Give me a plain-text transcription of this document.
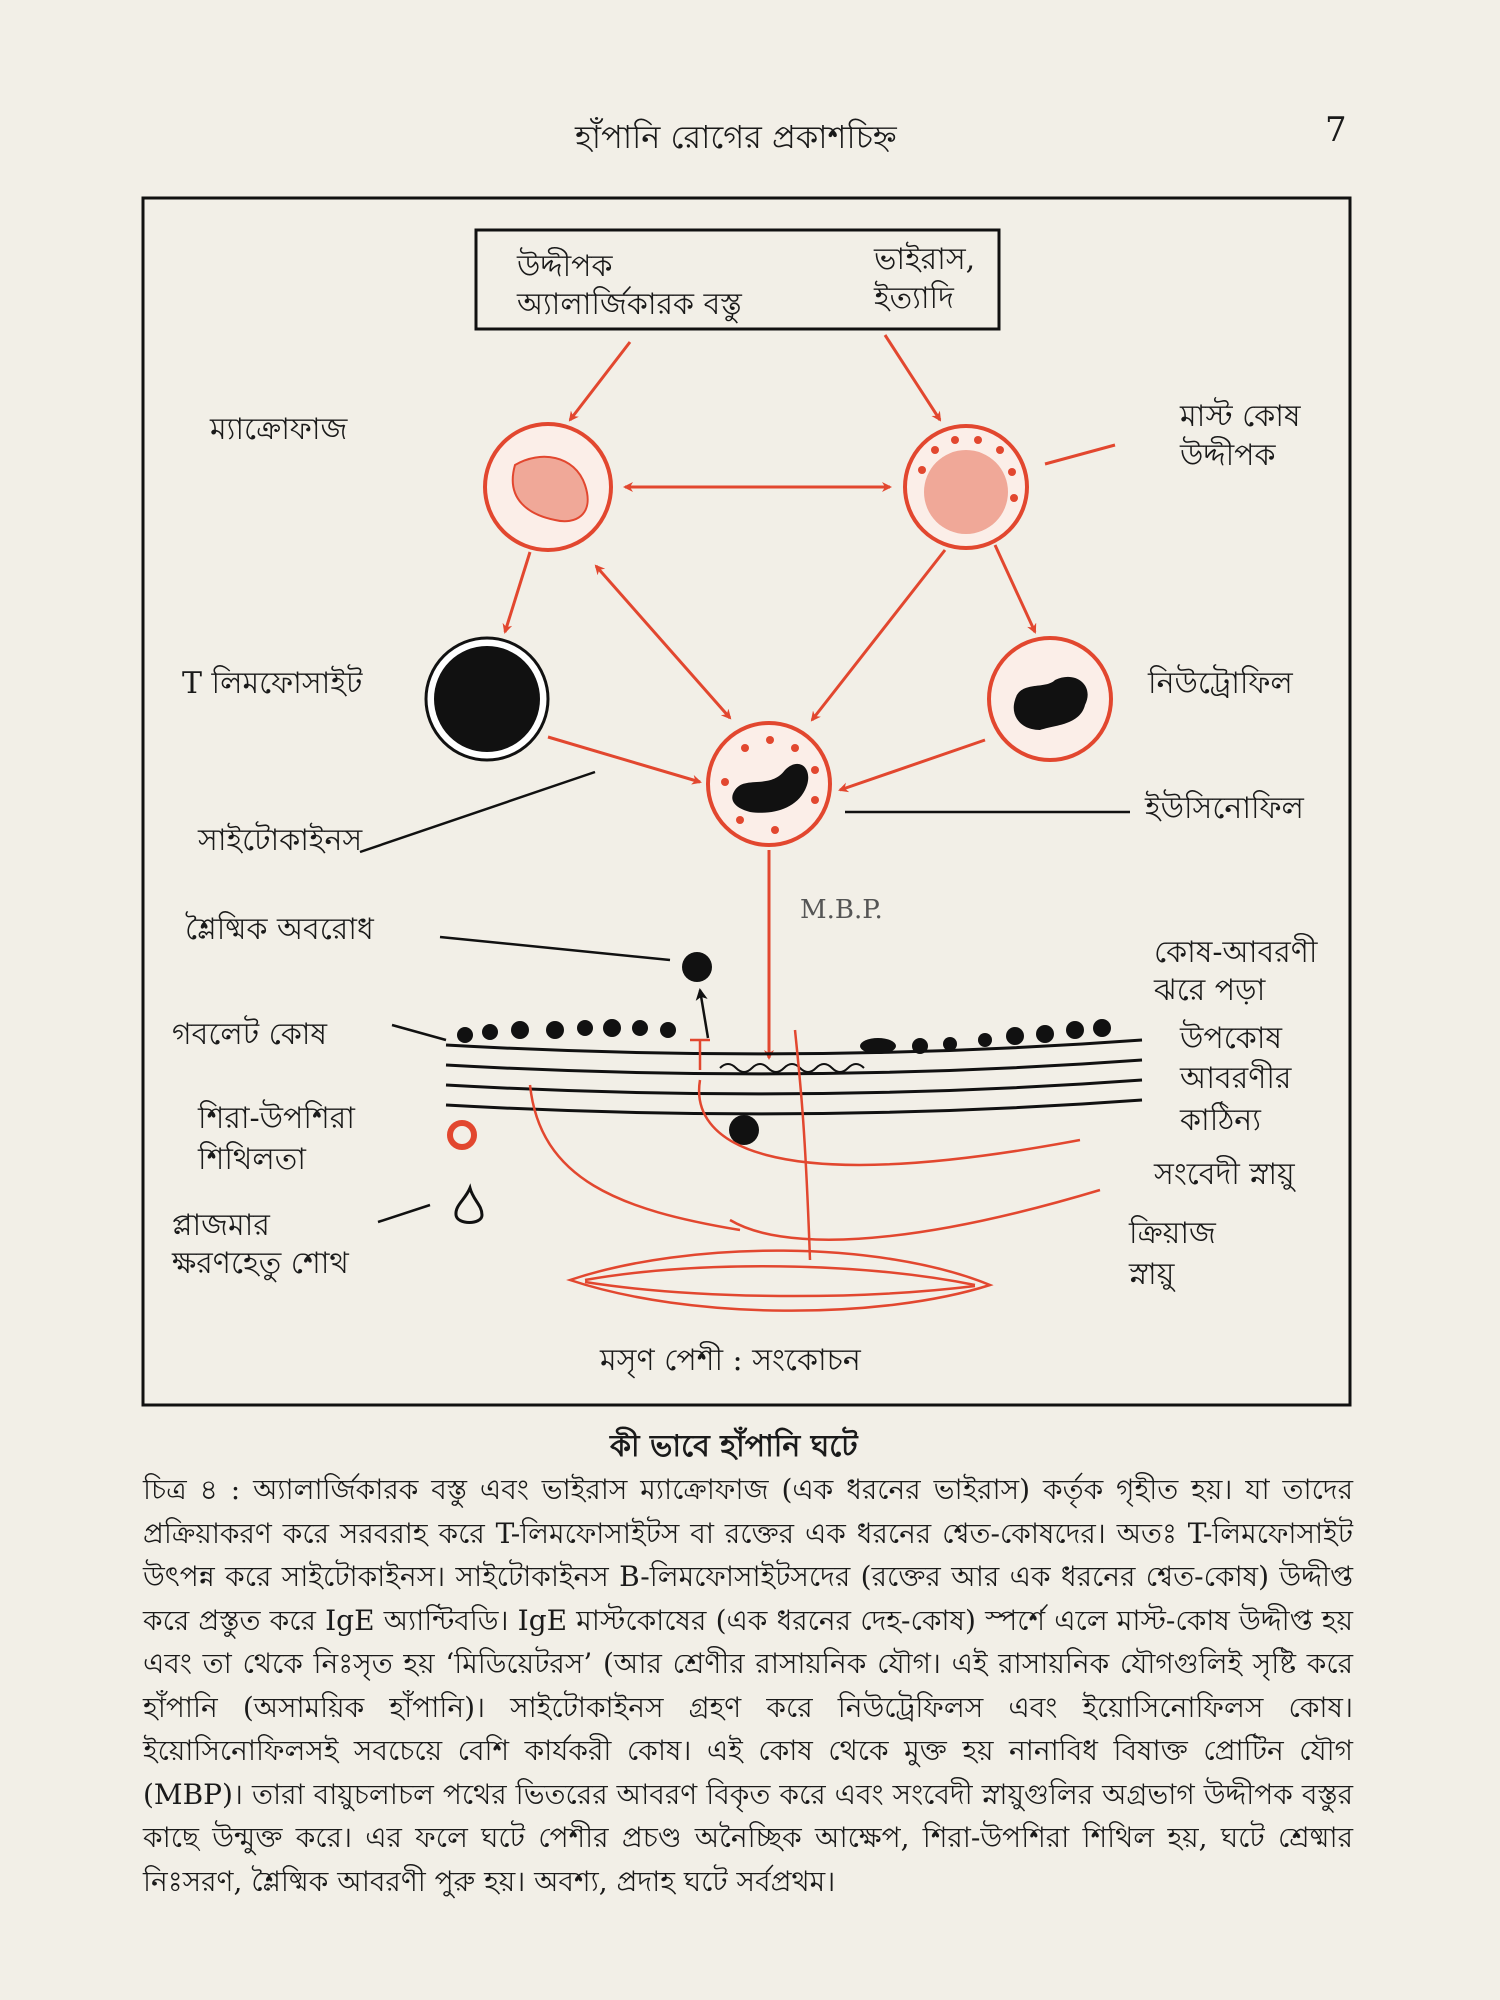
হাঁপানি রোগের প্রকাশচিহ্ন	7
উদ্দীপক
অ্যালার্জিকারক বস্তু
ভাইরাস,
ইত্যাদি
ম্যাক্রোফাজ	মাস্ট কোষ
উদ্দীপক
T লিমফোসাইট	নিউট্রোফিল
সাইটোকাইনস
ইউসিনোফিল
M.B.P.
শ্লৈষ্মিক অবরোধ
কোষ-আবরণী
ঝরে পড়া
গবলেট কোষ	উপকোষ
আবরণীর
কাঠিন্য
শিরা-উপশিরা
শিথিলতা	সংবেদী স্নায়ু
প্লাজমার
ক্ষরণহেতু শোথ
ক্রিয়াজ
স্নায়ু
মসৃণ পেশী : সংকোচন
কী ভাবে হাঁপানি ঘটে
চিত্র ৪ : অ্যালার্জিকারক বস্তু এবং ভাইরাস ম্যাক্রোফাজ (এক ধরনের ভাইরাস) কর্তৃক গৃহীত হয়। যা তাদের প্রক্রিয়াকরণ করে সরবরাহ করে T-লিমফোসাইটস বা রক্তের এক ধরনের শ্বেত-কোষদের। অতঃ T-লিমফোসাইট উৎপন্ন করে সাইটোকাইনস। সাইটোকাইনস B-লিমফোসাইটসদের (রক্তের আর এক ধরনের শ্বেত-কোষ) উদ্দীপ্ত করে প্রস্তুত করে IgE অ্যান্টিবডি। IgE মাস্টকোষের (এক ধরনের দেহ-কোষ) স্পর্শে এলে মাস্ট-কোষ উদ্দীপ্ত হয় এবং তা থেকে নিঃসৃত হয় ‘মিডিয়েটরস’ (আর শ্রেণীর রাসায়নিক যৌগ। এই রাসায়নিক যৌগগুলিই সৃষ্টি করে হাঁপানি (অসাময়িক হাঁপানি)। সাইটোকাইনস গ্রহণ করে নিউট্রেফিলস এবং ইয়োসিনোফিলস কোষ। ইয়োসিনোফিলসই সবচেয়ে বেশি কার্যকরী কোষ। এই কোষ থেকে মুক্ত হয় নানাবিধ বিষাক্ত প্রোটিন যৌগ (MBP)। তারা বায়ুচলাচল পথের ভিতরের আবরণ বিকৃত করে এবং সংবেদী স্নায়ুগুলির অগ্রভাগ উদ্দীপক বস্তুর কাছে উন্মুক্ত করে। এর ফলে ঘটে পেশীর প্রচণ্ড অনৈচ্ছিক আক্ষেপ, শিরা-উপশিরা শিথিল হয়, ঘটে শ্রেষ্মার নিঃসরণ, শ্লৈষ্মিক আবরণী পুরু হয়। অবশ্য, প্রদাহ ঘটে সর্বপ্রথম।
